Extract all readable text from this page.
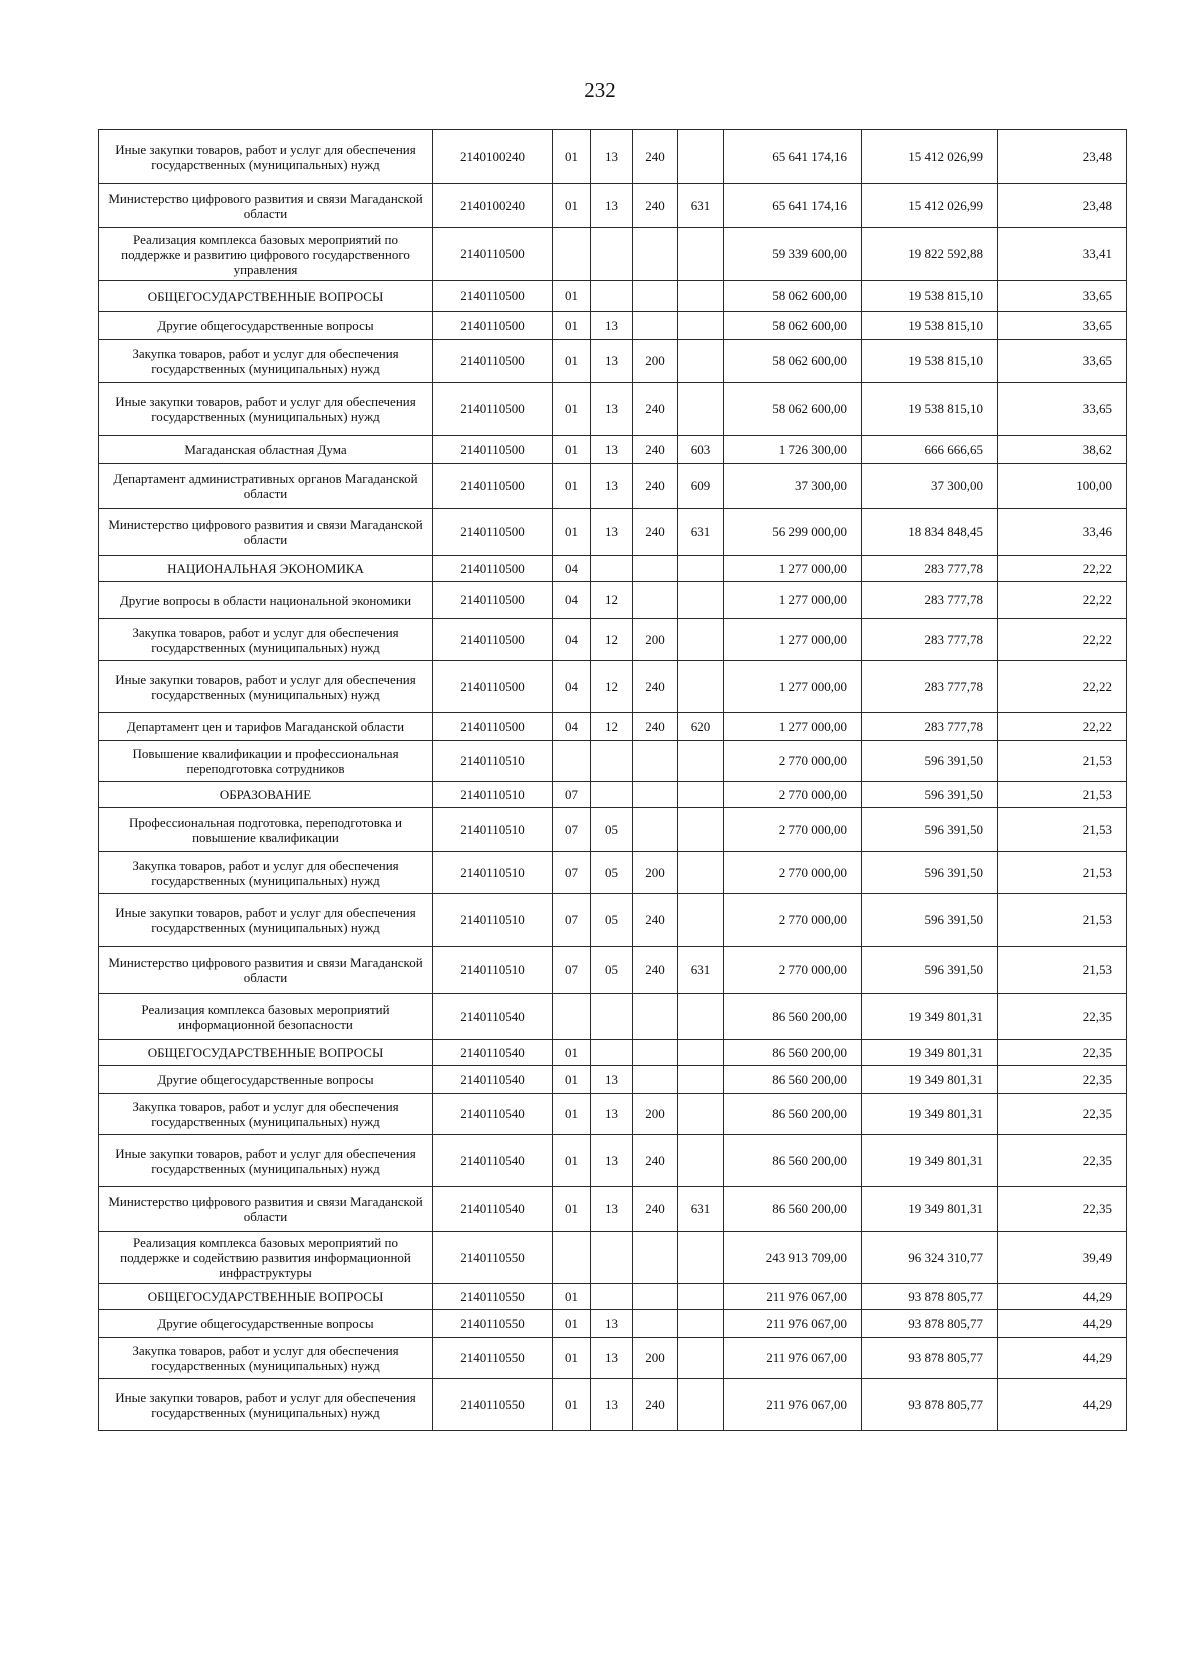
232
Иные закупки товаров, работ и услуг для обеспечения государственных (муниципальных) нужд	2140100240	01	13	240		65 641 174,16	15 412 026,99	23,48
Министерство цифрового развития и связи Магаданской области	2140100240	01	13	240	631	65 641 174,16	15 412 026,99	23,48
Реализация комплекса базовых мероприятий по поддержке и развитию цифрового государственного управления	2140110500					59 339 600,00	19 822 592,88	33,41
ОБЩЕГОСУДАРСТВЕННЫЕ ВОПРОСЫ	2140110500	01				58 062 600,00	19 538 815,10	33,65
Другие общегосударственные вопросы	2140110500	01	13			58 062 600,00	19 538 815,10	33,65
Закупка товаров, работ и услуг для обеспечения государственных (муниципальных) нужд	2140110500	01	13	200		58 062 600,00	19 538 815,10	33,65
Иные закупки товаров, работ и услуг для обеспечения государственных (муниципальных) нужд	2140110500	01	13	240		58 062 600,00	19 538 815,10	33,65
Магаданская областная Дума	2140110500	01	13	240	603	1 726 300,00	666 666,65	38,62
Департамент административных органов Магаданской области	2140110500	01	13	240	609	37 300,00	37 300,00	100,00
Министерство цифрового развития и связи Магаданской области	2140110500	01	13	240	631	56 299 000,00	18 834 848,45	33,46
НАЦИОНАЛЬНАЯ ЭКОНОМИКА	2140110500	04				1 277 000,00	283 777,78	22,22
Другие вопросы в области национальной экономики	2140110500	04	12			1 277 000,00	283 777,78	22,22
Закупка товаров, работ и услуг для обеспечения государственных (муниципальных) нужд	2140110500	04	12	200		1 277 000,00	283 777,78	22,22
Иные закупки товаров, работ и услуг для обеспечения государственных (муниципальных) нужд	2140110500	04	12	240		1 277 000,00	283 777,78	22,22
Департамент цен и тарифов Магаданской области	2140110500	04	12	240	620	1 277 000,00	283 777,78	22,22
Повышение квалификации и профессиональная переподготовка сотрудников	2140110510					2 770 000,00	596 391,50	21,53
ОБРАЗОВАНИЕ	2140110510	07				2 770 000,00	596 391,50	21,53
Профессиональная подготовка, переподготовка и повышение квалификации	2140110510	07	05			2 770 000,00	596 391,50	21,53
Закупка товаров, работ и услуг для обеспечения государственных (муниципальных) нужд	2140110510	07	05	200		2 770 000,00	596 391,50	21,53
Иные закупки товаров, работ и услуг для обеспечения государственных (муниципальных) нужд	2140110510	07	05	240		2 770 000,00	596 391,50	21,53
Министерство цифрового развития и связи Магаданской области	2140110510	07	05	240	631	2 770 000,00	596 391,50	21,53
Реализация комплекса базовых мероприятий информационной безопасности	2140110540					86 560 200,00	19 349 801,31	22,35
ОБЩЕГОСУДАРСТВЕННЫЕ ВОПРОСЫ	2140110540	01				86 560 200,00	19 349 801,31	22,35
Другие общегосударственные вопросы	2140110540	01	13			86 560 200,00	19 349 801,31	22,35
Закупка товаров, работ и услуг для обеспечения государственных (муниципальных) нужд	2140110540	01	13	200		86 560 200,00	19 349 801,31	22,35
Иные закупки товаров, работ и услуг для обеспечения государственных (муниципальных) нужд	2140110540	01	13	240		86 560 200,00	19 349 801,31	22,35
Министерство цифрового развития и связи Магаданской области	2140110540	01	13	240	631	86 560 200,00	19 349 801,31	22,35
Реализация комплекса базовых мероприятий по поддержке и содействию развития информационной инфраструктуры	2140110550					243 913 709,00	96 324 310,77	39,49
ОБЩЕГОСУДАРСТВЕННЫЕ ВОПРОСЫ	2140110550	01				211 976 067,00	93 878 805,77	44,29
Другие общегосударственные вопросы	2140110550	01	13			211 976 067,00	93 878 805,77	44,29
Закупка товаров, работ и услуг для обеспечения государственных (муниципальных) нужд	2140110550	01	13	200		211 976 067,00	93 878 805,77	44,29
Иные закупки товаров, работ и услуг для обеспечения государственных (муниципальных) нужд	2140110550	01	13	240		211 976 067,00	93 878 805,77	44,29
